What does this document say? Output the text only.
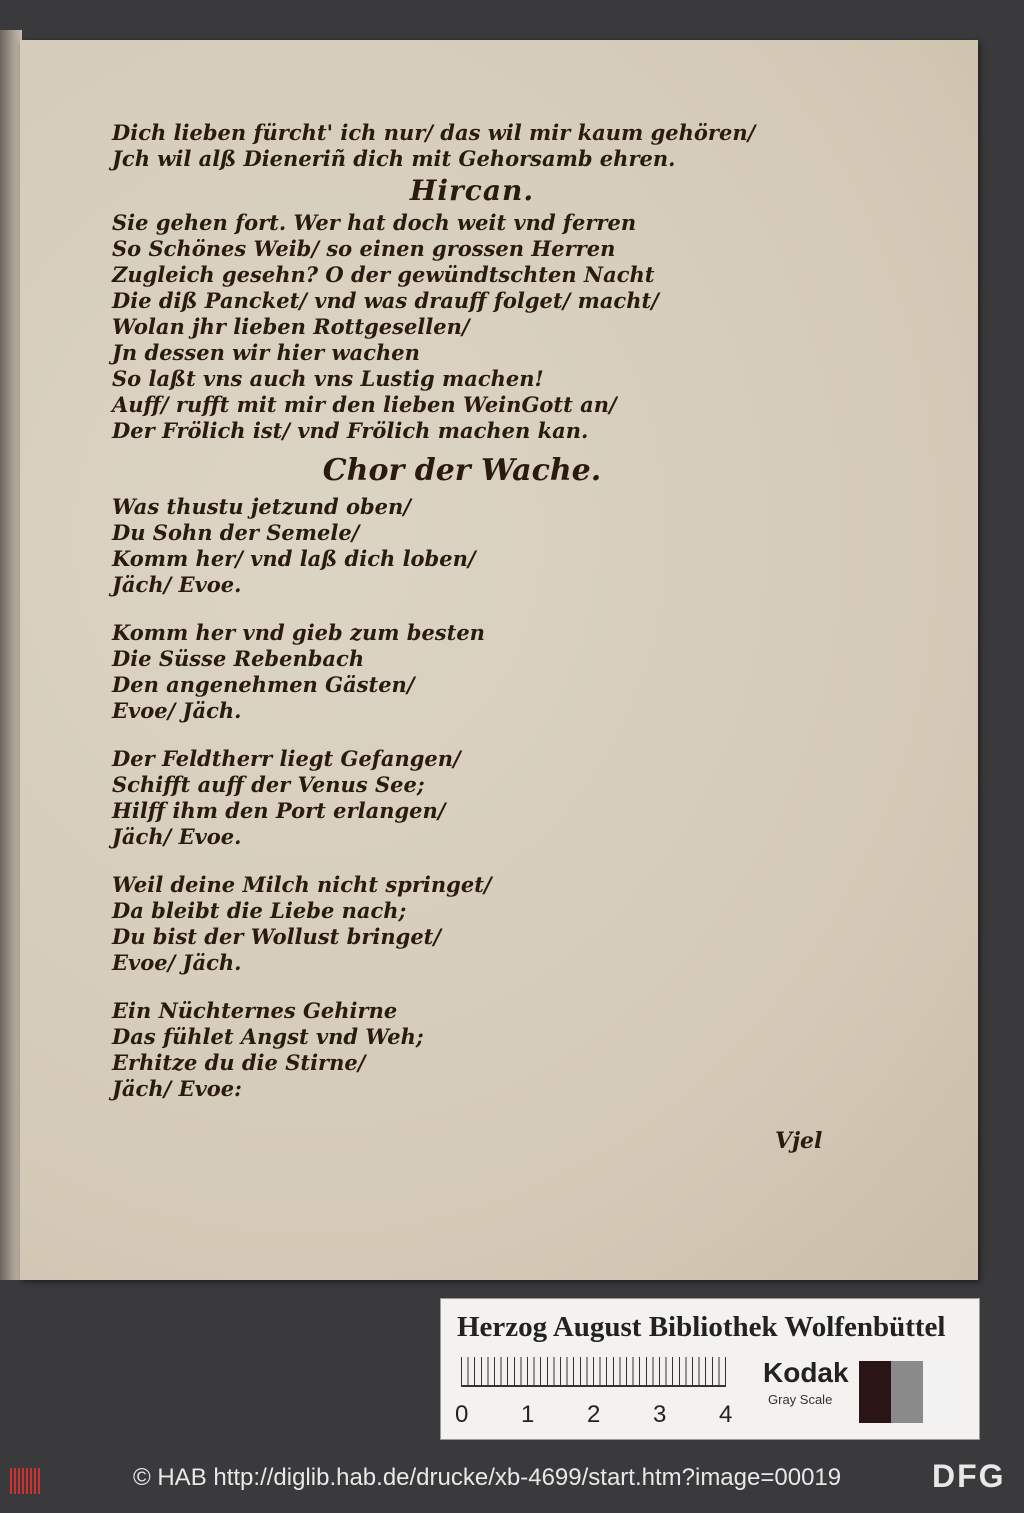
Dich lieben fürcht' ich nur/ das wil mir kaum gehören/
Jch wil alß Dieneriñ dich mit Gehorsamb ehren.
Hircan.
Sie gehen fort. Wer hat doch weit vnd ferren
So Schönes Weib/ so einen grossen Herren
Zugleich gesehn? O der gewündtschten Nacht
Die diß Pancket/ vnd was drauff folget/ macht/
Wolan jhr lieben Rottgesellen/
Jn dessen wir hier wachen
So laßt vns auch vns Lustig machen!
Auff/ rufft mit mir den lieben WeinGott an/
Der Frölich ist/ vnd Frölich machen kan.
Chor der Wache.
Was thustu jetzund oben/
Du Sohn der Semele/
Komm her/ vnd laß dich loben/
Jäch/ Evoe.
Komm her vnd gieb zum besten
Die Süsse Rebenbach
Den angenehmen Gästen/
Evoe/ Jäch.
Der Feldtherr liegt Gefangen/
Schifft auff der Venus See;
Hilff ihm den Port erlangen/
Jäch/ Evoe.
Weil deine Milch nicht springet/
Da bleibt die Liebe nach;
Du bist der Wollust bringet/
Evoe/ Jäch.
Ein Nüchternes Gehirne
Das fühlet Angst vnd Weh;
Erhitze du die Stirne/
Jäch/ Evoe:
Vjel
Herzog August Bibliothek Wolfenbüttel
0 1 2 3 4
Kodak
Gray Scale
© HAB http://diglib.hab.de/drucke/xb-4699/start.htm?image=00019	DFG
